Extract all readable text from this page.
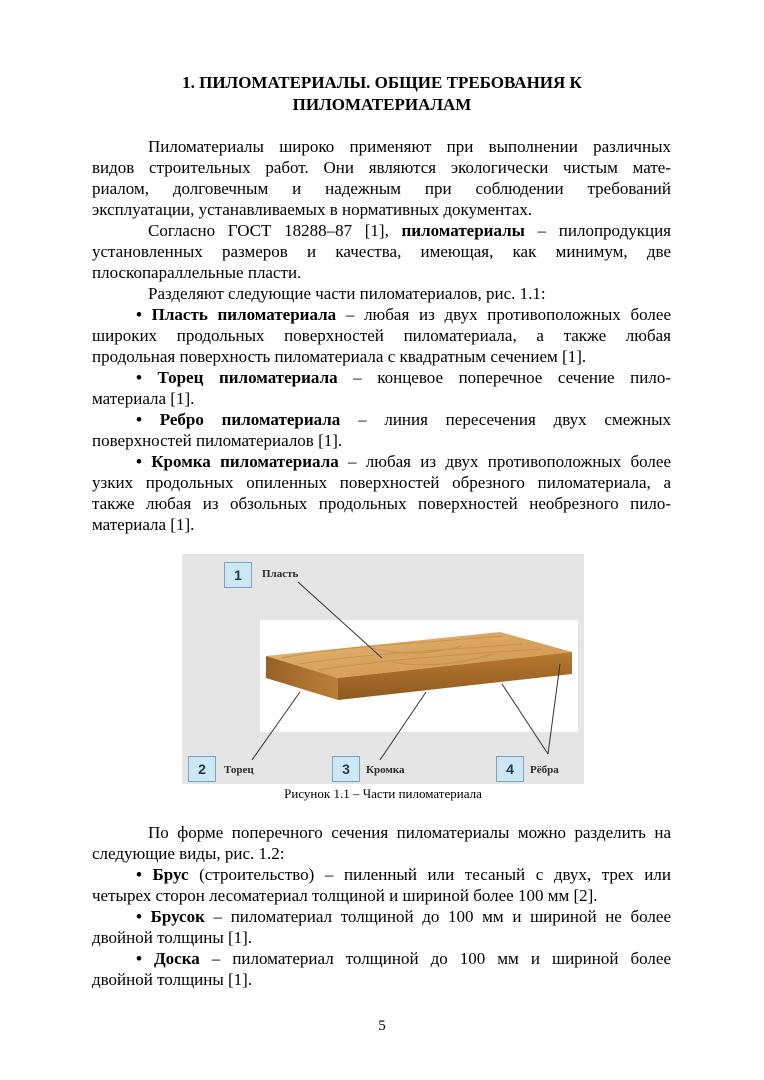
1. ПИЛОМАТЕРИАЛЫ. ОБЩИЕ ТРЕБОВАНИЯ К
ПИЛОМАТЕРИАЛАМ

Пиломатериалы широко применяют при выполнении различных

видов строительных работ. Они являются экологически чистым мате-

риалом, долговечным и надежным при соблюдении требований

эксплуатации, устанавливаемых в нормативных документах.

Согласно ГОСТ 18288–87 [1], пиломатериалы – пилопродукция

установленных размеров и качества, имеющая, как минимум, две

плоскопараллельные пласти.

Разделяют следующие части пиломатериалов, рис. 1.1:

• Пласть пиломатериала – любая из двух противоположных более

широких продольных поверхностей пиломатериала, а также любая

продольная поверхность пиломатериала с квадратным сечением [1].

• Торец пиломатериала – концевое поперечное сечение пило-

материала [1].

• Ребро пиломатериала – линия пересечения двух смежных

поверхностей пиломатериалов [1].

• Кромка пиломатериала – любая из двух противоположных более

узких продольных опиленных поверхностей обрезного пиломатериала, а

также любая из обзольных продольных поверхностей необрезного пило-

материала [1].

1	Пласть
2	Торец	3	Кромка	4	Рёбра

Рисунок 1.1 – Части пиломатериала

По форме поперечного сечения пиломатериалы можно разделить на

следующие виды, рис. 1.2:

• Брус (строительство) – пиленный или тесаный с двух, трех или

четырех сторон лесоматериал толщиной и шириной более 100 мм [2].

• Брусок – пиломатериал толщиной до 100 мм и шириной не более

двойной толщины [1].

• Доска – пиломатериал толщиной до 100 мм и шириной более

двойной толщины [1].

5
